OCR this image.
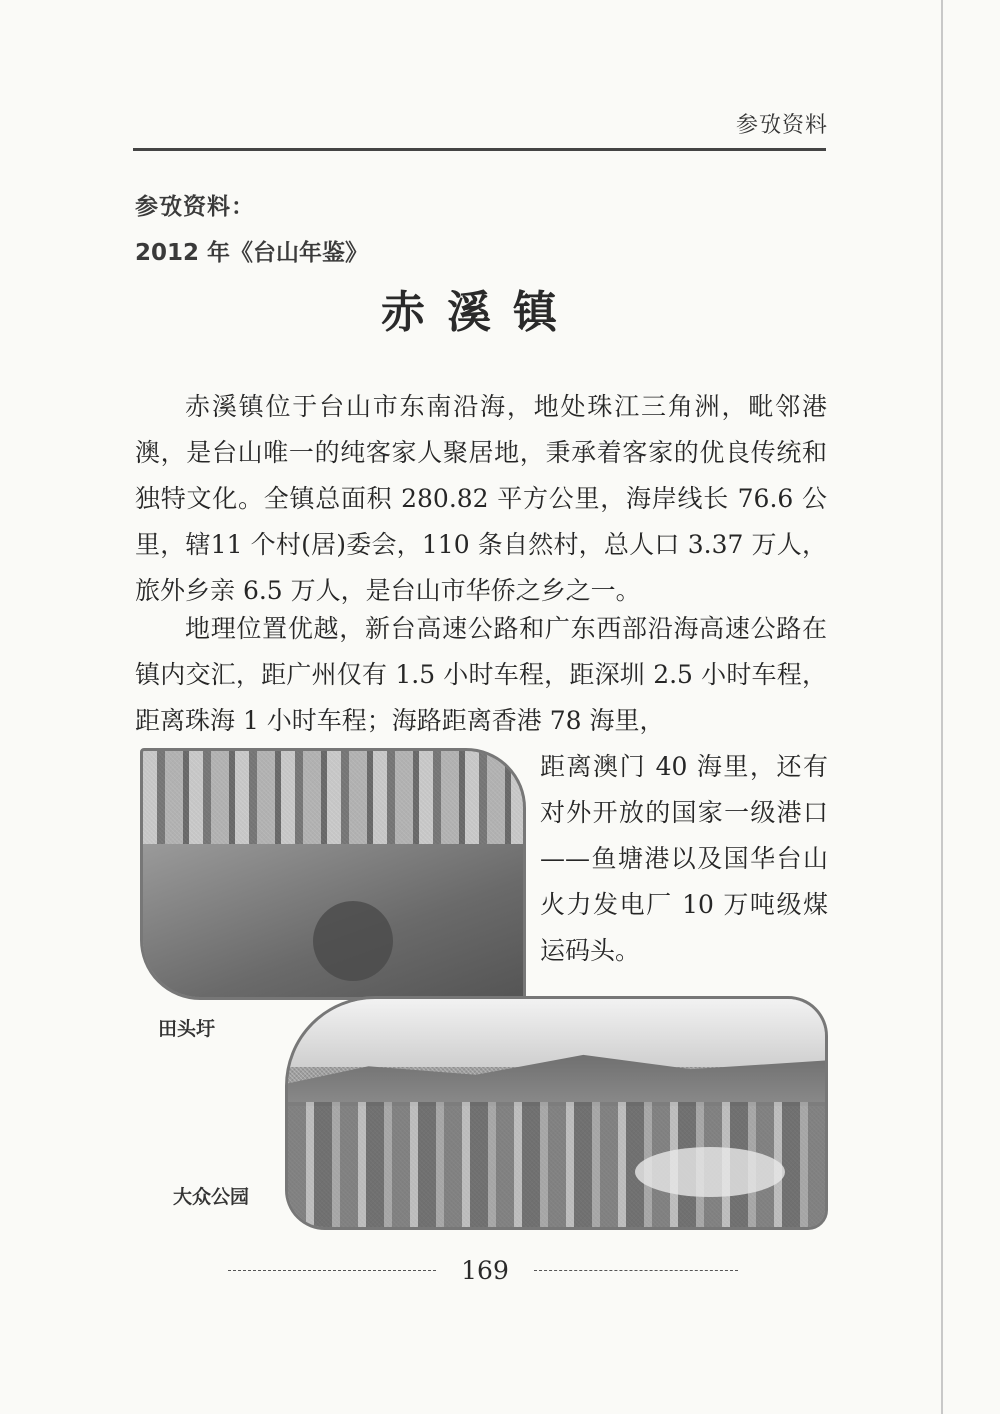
参攷资料
参攷资料：
2012 年《台山年鉴》
赤溪镇

赤溪镇位于台山市东南沿海，地处珠江三角洲，毗邻港澳，是台山唯一的纯客家人聚居地，秉承着客家的优良传统和独特文化。全镇总面积 280.82 平方公里，海岸线长 76.6 公里，辖11 个村(居)委会，110 条自然村，总人口 3.37 万人，旅外乡亲 6.5 万人，是台山市华侨之乡之一。

地理位置优越，新台高速公路和广东西部沿海高速公路在镇内交汇，距广州仅有 1.5 小时车程，距深圳 2.5 小时车程，距离珠海 1 小时车程；海路距离香港 78 海里，

距离澳门 40 海里，还有对外开放的国家一级港口——鱼塘港以及国华台山火力发电厂 10 万吨级煤运码头。

田头圩
大众公园
169
